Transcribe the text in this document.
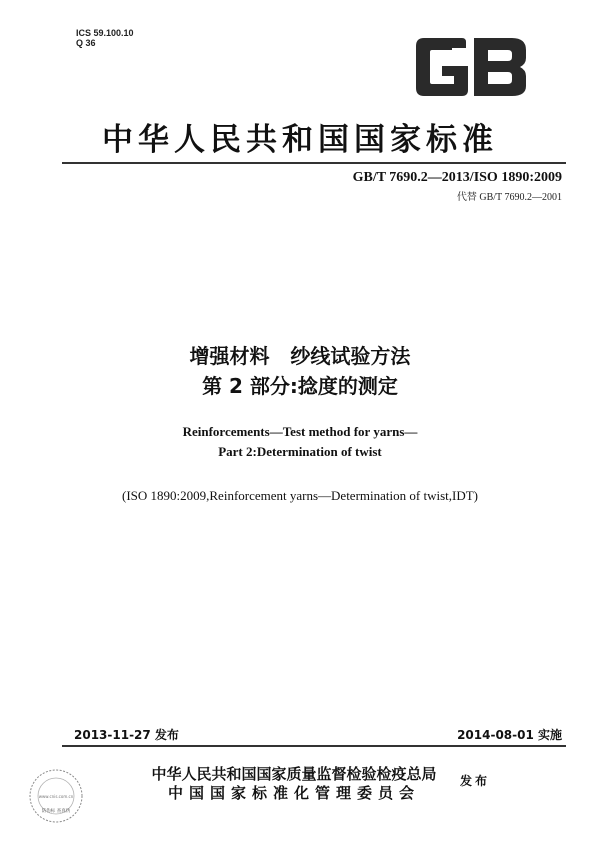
ICS 59.100.10
Q 36
中华人民共和国国家标准
GB/T 7690.2—2013/ISO 1890:2009
代替 GB/T 7690.2—2001
增强材料   纱线试验方法
第 2 部分:捻度的测定
Reinforcements—Test method for yarns—
Part 2:Determination of twist
(ISO 1890:2009,Reinforcement yarns—Determination of twist,IDT)
2013-11-27 发布	2014-08-01 实施
中华人民共和国国家质量监督检验检疫总局
中国国家标准化管理委员会
发布
www.cnis.com.cn
防伪标 查真伪
